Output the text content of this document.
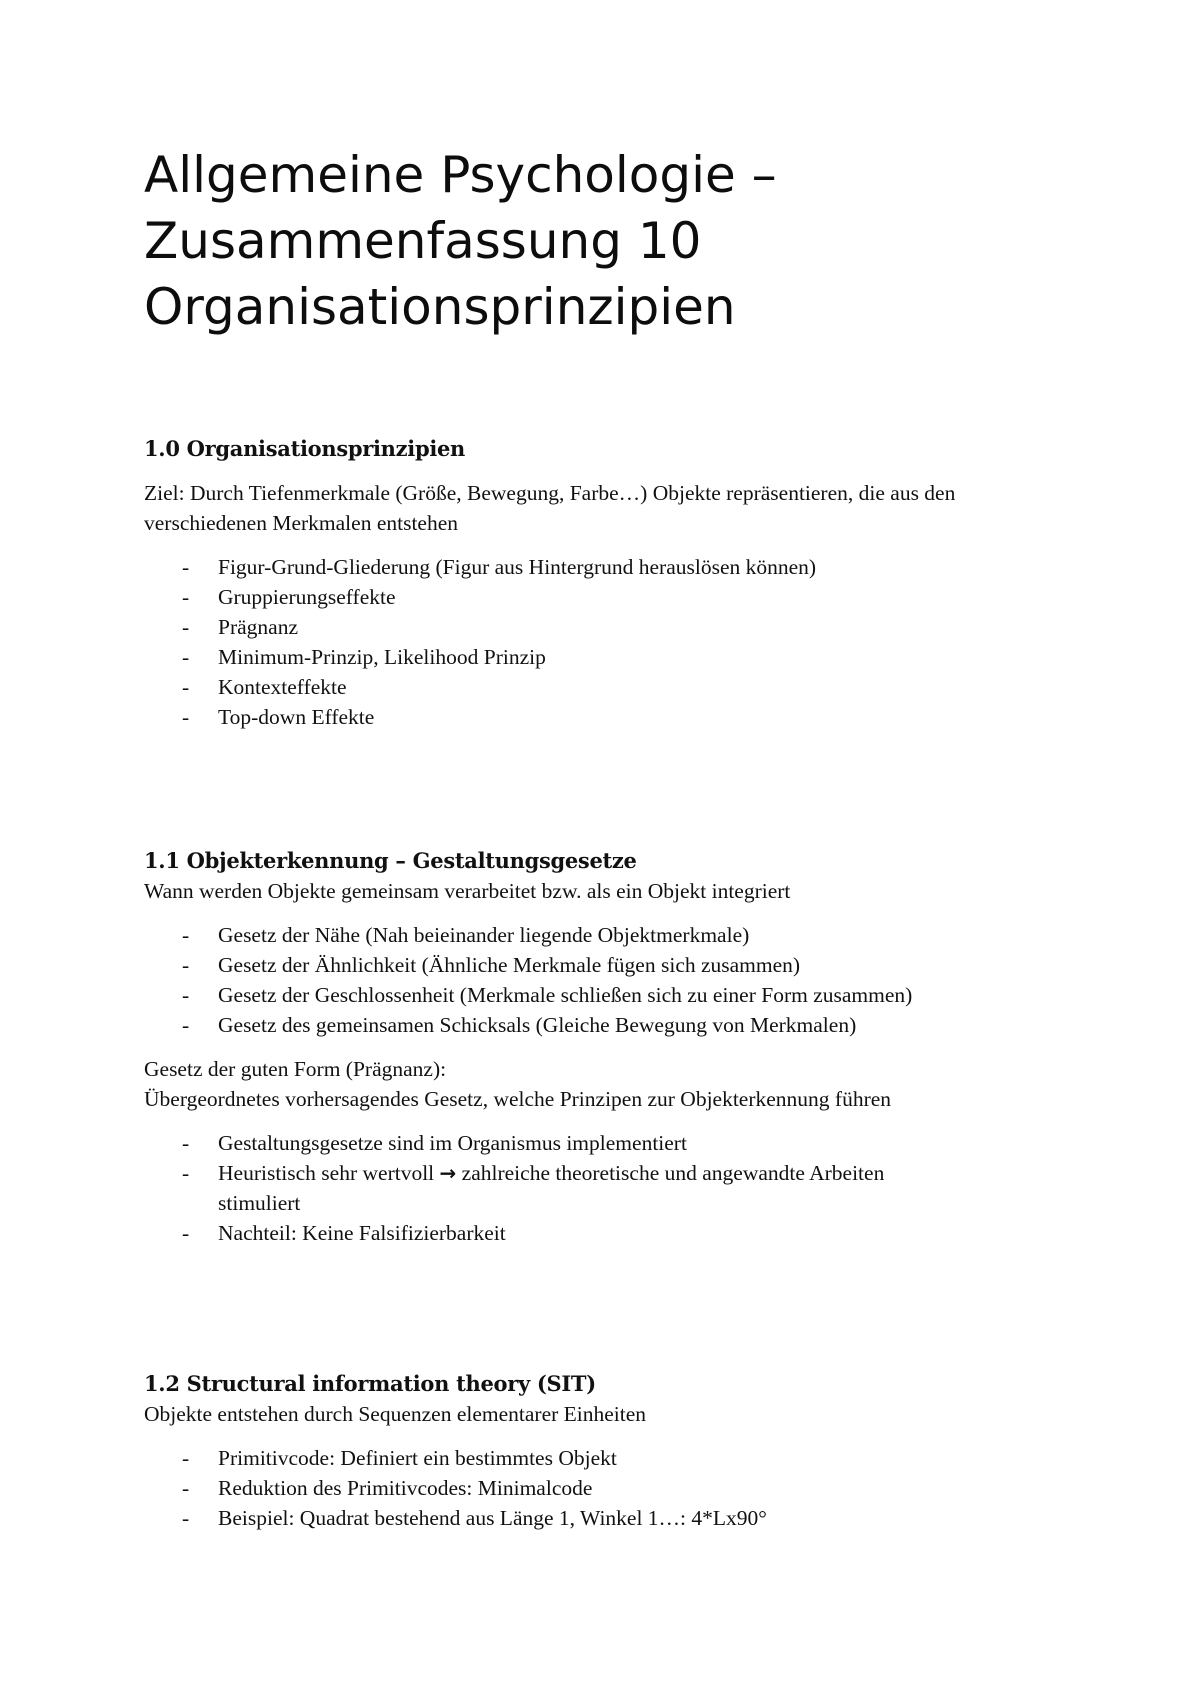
Allgemeine Psychologie –
Zusammenfassung 10
Organisationsprinzipien
1.0 Organisationsprinzipien

Ziel: Durch Tiefenmerkmale (Größe, Bewegung, Farbe…) Objekte repräsentieren, die aus den

verschiedenen Merkmalen entstehen

- Figur-Grund-Gliederung (Figur aus Hintergrund herauslösen können)
- Gruppierungseffekte
- Prägnanz
- Minimum-Prinzip, Likelihood Prinzip
- Kontexteffekte
- Top-down Effekte
1.1 Objekterkennung – Gestaltungsgesetze

Wann werden Objekte gemeinsam verarbeitet bzw. als ein Objekt integriert

- Gesetz der Nähe (Nah beieinander liegende Objektmerkmale)
- Gesetz der Ähnlichkeit (Ähnliche Merkmale fügen sich zusammen)
- Gesetz der Geschlossenheit (Merkmale schließen sich zu einer Form zusammen)
- Gesetz des gemeinsamen Schicksals (Gleiche Bewegung von Merkmalen)

Gesetz der guten Form (Prägnanz):

Übergeordnetes vorhersagendes Gesetz, welche Prinzipen zur Objekterkennung führen

- Gestaltungsgesetze sind im Organismus implementiert
- Heuristisch sehr wertvoll → zahlreiche theoretische und angewandte Arbeiten
stimuliert
- Nachteil: Keine Falsifizierbarkeit
1.2 Structural information theory (SIT)

Objekte entstehen durch Sequenzen elementarer Einheiten

- Primitivcode: Definiert ein bestimmtes Objekt
- Reduktion des Primitivcodes: Minimalcode
- Beispiel: Quadrat bestehend aus Länge 1, Winkel 1…: 4*Lx90°
